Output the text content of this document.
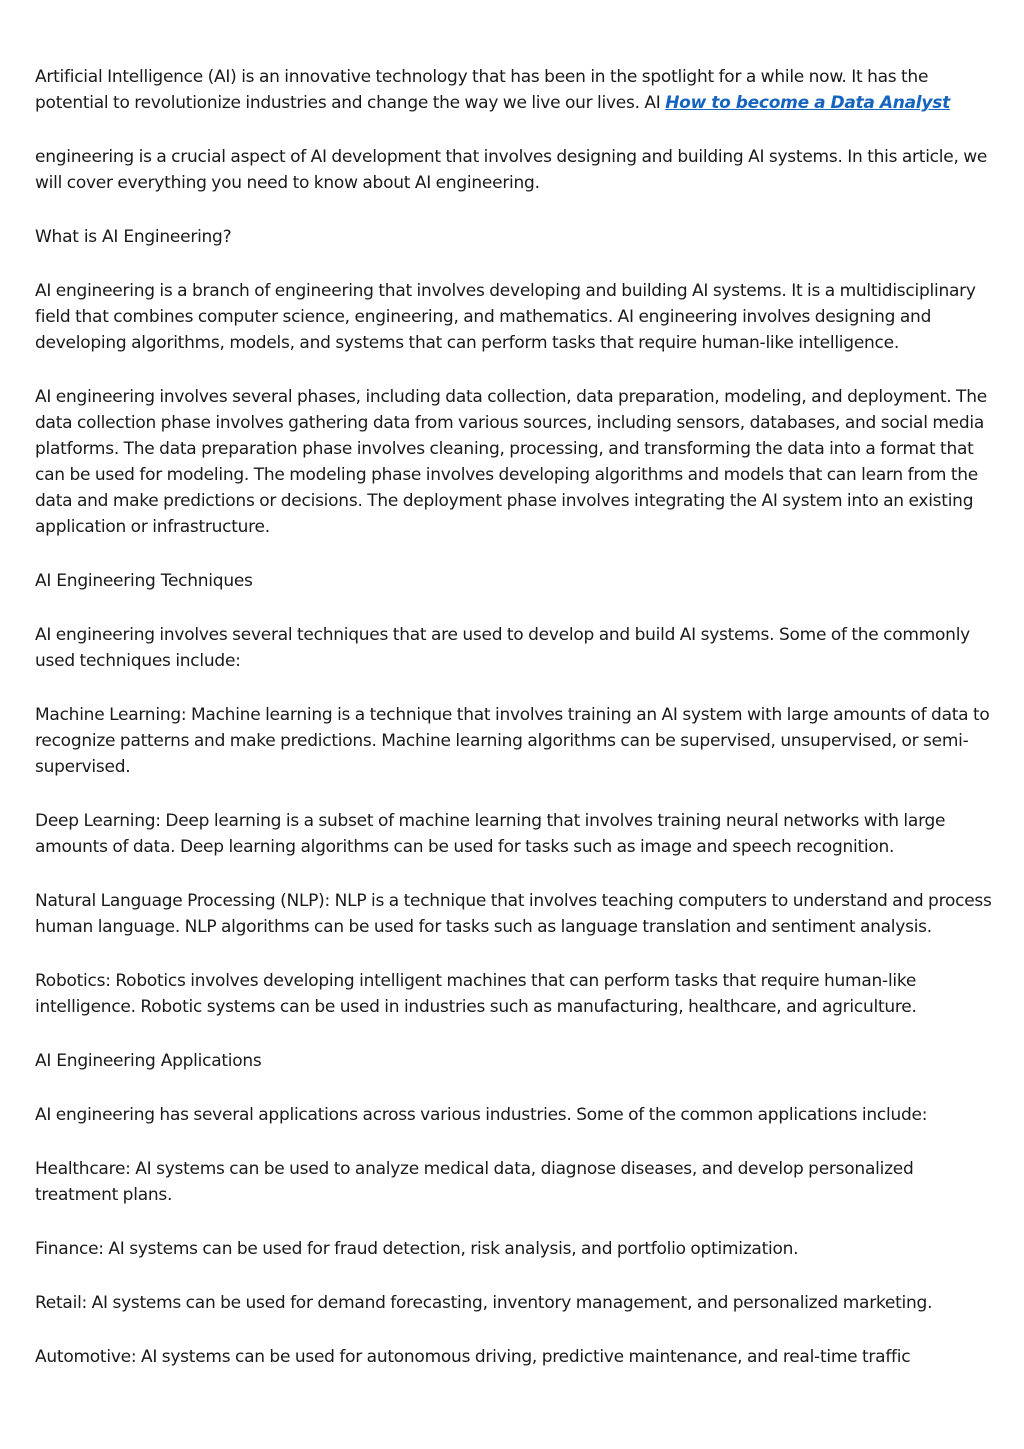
Artificial Intelligence (AI) is an innovative technology that has been in the spotlight for a while now. It has the potential to revolutionize industries and change the way we live our lives. AI How to become a Data Analyst

engineering is a crucial aspect of AI development that involves designing and building AI systems. In this article, we will cover everything you need to know about AI engineering.

What is AI Engineering?

AI engineering is a branch of engineering that involves developing and building AI systems. It is a multidisciplinary field that combines computer science, engineering, and mathematics. AI engineering involves designing and developing algorithms, models, and systems that can perform tasks that require human-like intelligence.

AI engineering involves several phases, including data collection, data preparation, modeling, and deployment. The data collection phase involves gathering data from various sources, including sensors, databases, and social media platforms. The data preparation phase involves cleaning, processing, and transforming the data into a format that can be used for modeling. The modeling phase involves developing algorithms and models that can learn from the data and make predictions or decisions. The deployment phase involves integrating the AI system into an existing application or infrastructure.

AI Engineering Techniques

AI engineering involves several techniques that are used to develop and build AI systems. Some of the commonly used techniques include:

Machine Learning: Machine learning is a technique that involves training an AI system with large amounts of data to recognize patterns and make predictions. Machine learning algorithms can be supervised, unsupervised, or semi-supervised.

Deep Learning: Deep learning is a subset of machine learning that involves training neural networks with large amounts of data. Deep learning algorithms can be used for tasks such as image and speech recognition.

Natural Language Processing (NLP): NLP is a technique that involves teaching computers to understand and process human language. NLP algorithms can be used for tasks such as language translation and sentiment analysis.

Robotics: Robotics involves developing intelligent machines that can perform tasks that require human-like intelligence. Robotic systems can be used in industries such as manufacturing, healthcare, and agriculture.

AI Engineering Applications

AI engineering has several applications across various industries. Some of the common applications include:

Healthcare: AI systems can be used to analyze medical data, diagnose diseases, and develop personalized treatment plans.

Finance: AI systems can be used for fraud detection, risk analysis, and portfolio optimization.

Retail: AI systems can be used for demand forecasting, inventory management, and personalized marketing.

Automotive: AI systems can be used for autonomous driving, predictive maintenance, and real-time traffic
